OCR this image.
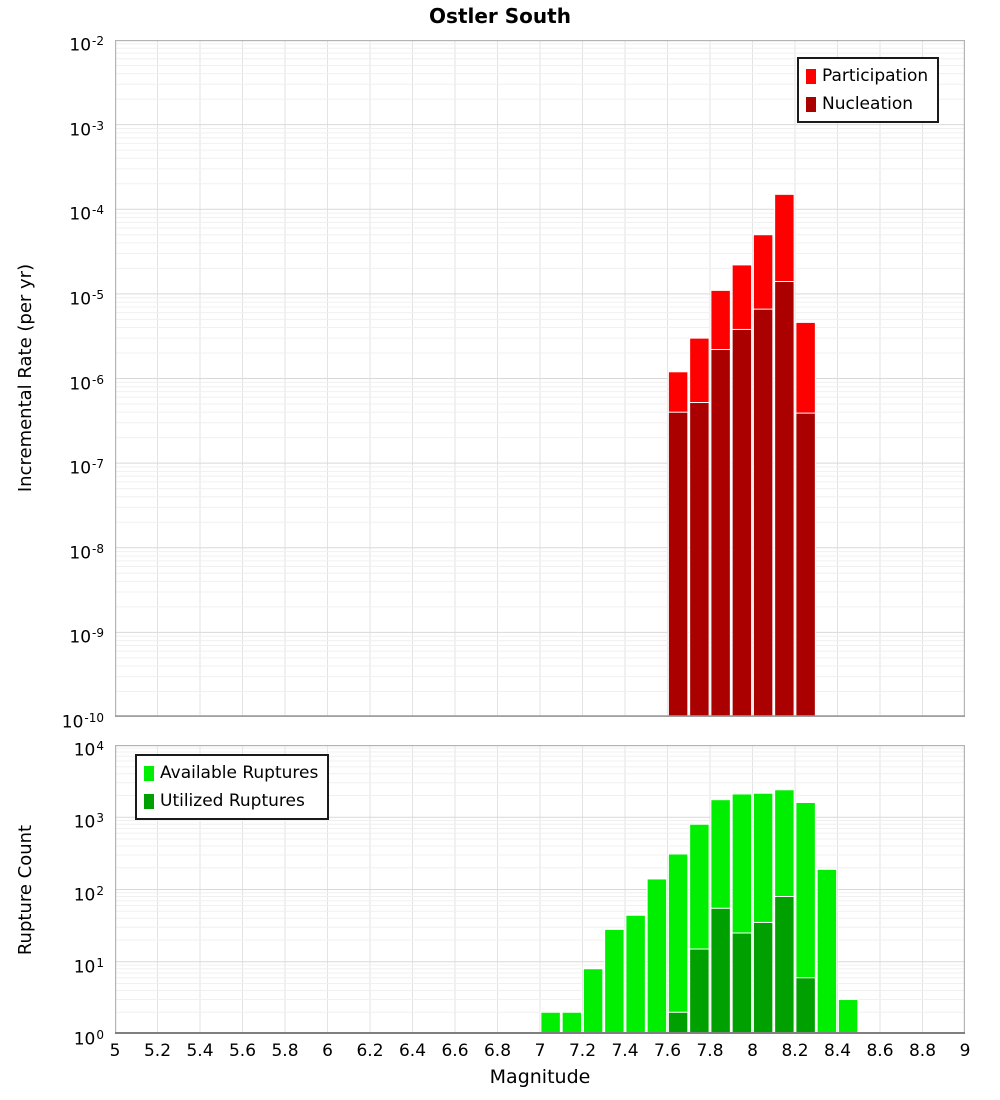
Ostler South
Incremental Rate (per yr)
Rupture Count
$10^{-2}$
$10^{-3}$
$10^{-4}$
$10^{-5}$
$10^{-6}$
$10^{-7}$
$10^{-8}$
$10^{-9}$
$10^{-10}$
$10^4$
$10^3$
$10^2$
$10^1$
$10^0$
5	5.2 5.4 5.6 5.8	6	6.2 6.4 6.6 6.8	7	7.2 7.4 7.6 7.8	8	8.2 8.4 8.6 8.8	9
Participation
Nucleation
Available Ruptures
Utilized Ruptures
Magnitude
